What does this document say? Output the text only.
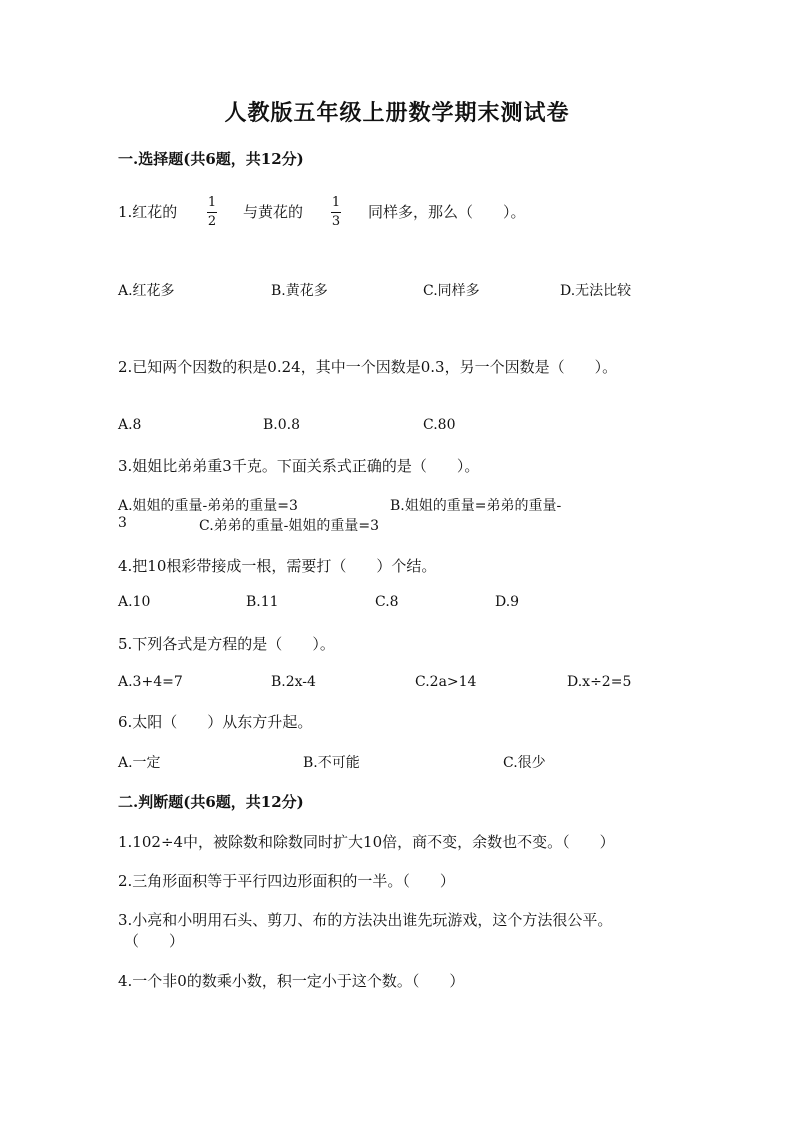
人教版五年级上册数学期末测试卷
一.选择题(共6题，共12分)
1.红花的
1
2
与黄花的
1
3
同样多，那么（　　）。
A.红花多	B.黄花多	C.同样多	D.无法比较
2.已知两个因数的积是0.24，其中一个因数是0.3，另一个因数是（　　）。
A.8	B.0.8	C.80
3.姐姐比弟弟重3千克。下面关系式正确的是（　　）。
A.姐姐的重量-弟弟的重量=3	B.姐姐的重量=弟弟的重量-
3	C.弟弟的重量-姐姐的重量=3
4.把10根彩带接成一根，需要打（　　）个结。
A.10	B.11	C.8	D.9
5.下列各式是方程的是（　　）。
A.3+4=7	B.2x-4	C.2a>14	D.x÷2=5
6.太阳（　　）从东方升起。
A.一定	B.不可能	C.很少
二.判断题(共6题，共12分)
1.102÷4中，被除数和除数同时扩大10倍，商不变，余数也不变。（　　）
2.三角形面积等于平行四边形面积的一半。（　　）
3.小亮和小明用石头、剪刀、布的方法决出谁先玩游戏，这个方法很公平。
（　　）
4.一个非0的数乘小数，积一定小于这个数。（　　）
